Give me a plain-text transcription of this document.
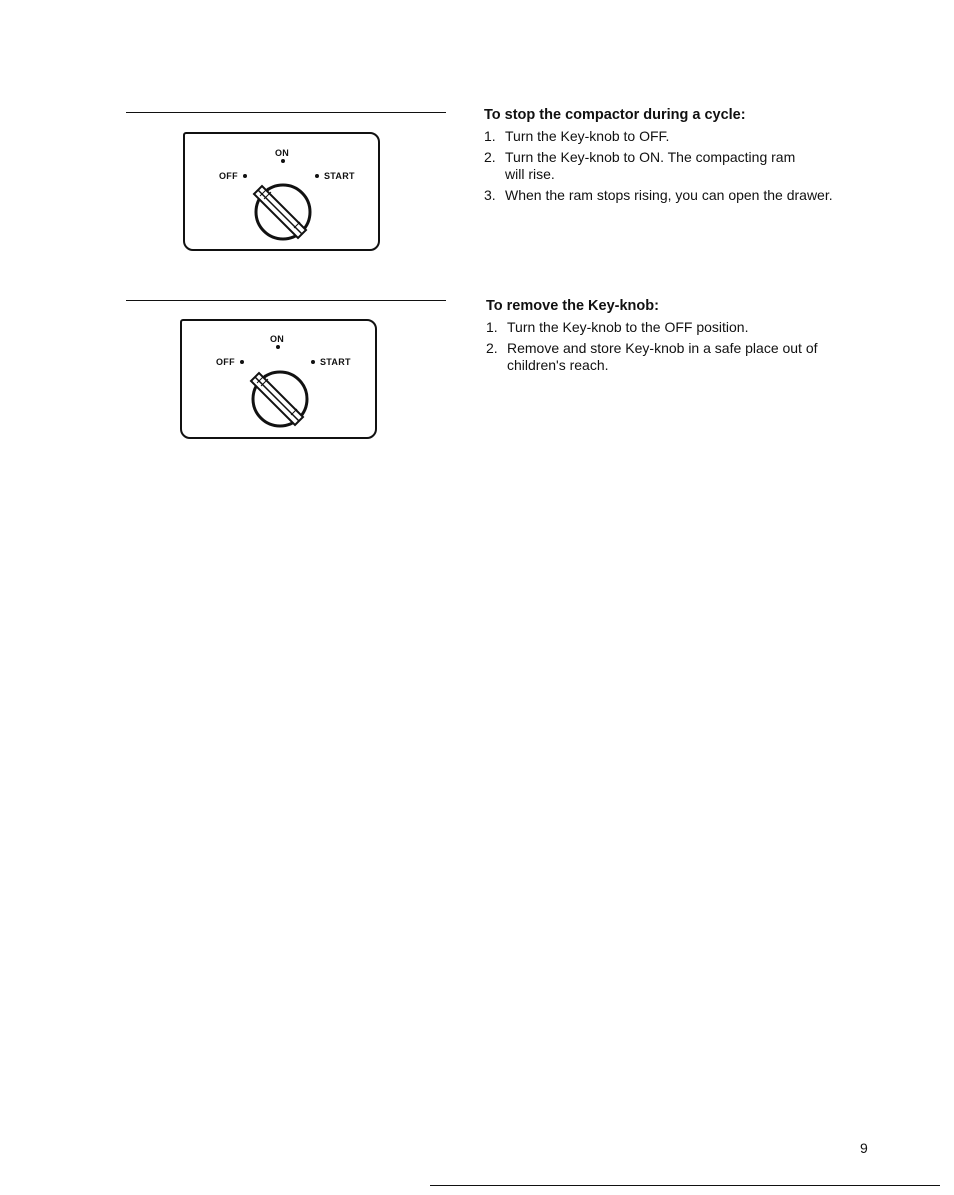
ON
OFF	START
To stop the compactor during a cycle:
1. Turn the Key-knob to OFF.
2. Turn the Key-knob to ON. The compacting ram will rise.
3. When the ram stops rising, you can open the drawer.
ON
OFF	START
To remove the Key-knob:
1. Turn the Key-knob to the OFF position.
2. Remove and store Key-knob in a safe place out of children's reach.
9
